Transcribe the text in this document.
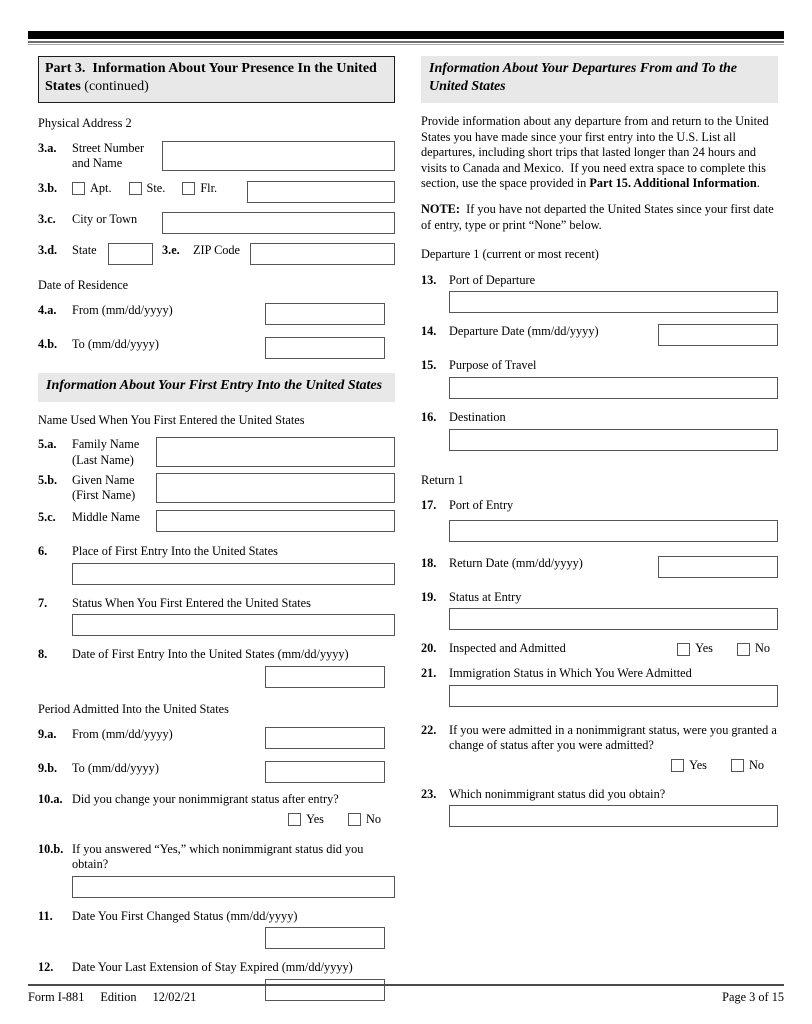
Part 3.  Information About Your Presence In the United States (continued)
Physical Address 2
3.a.	Street Number and Name
3.b.	Apt.	Ste.	Flr.
3.c.	City or Town
3.d.	State	3.e.	ZIP Code
Date of Residence
4.a.	From (mm/dd/yyyy)
4.b.	To (mm/dd/yyyy)
Information About Your First Entry Into the United States
Name Used When You First Entered the United States
5.a.	Family Name (Last Name)
5.b.	Given Name (First Name)
5.c.	Middle Name
6.	Place of First Entry Into the United States
7.	Status When You First Entered the United States
8.	Date of First Entry Into the United States (mm/dd/yyyy)
Period Admitted Into the United States
9.a.	From (mm/dd/yyyy)
9.b.	To (mm/dd/yyyy)
10.a. Did you change your nonimmigrant status after entry?
Yes	No
10.b. If you answered “Yes,” which nonimmigrant status did you obtain?
11.	Date You First Changed Status (mm/dd/yyyy)
12.	Date Your Last Extension of Stay Expired (mm/dd/yyyy)
Information About Your Departures From and To the United States

Provide information about any departure from and return to the United States you have made since your first entry into the U.S. List all departures, including short trips that lasted longer than 24 hours and visits to Canada and Mexico.  If you need extra space to complete this section, use the space provided in Part 15. Additional Information.

NOTE:  If you have not departed the United States since your first date of entry, type or print “None” below.

Departure 1 (current or most recent)
13.	Port of Departure
14.	Departure Date (mm/dd/yyyy)
15.	Purpose of Travel
16.	Destination
Return 1
17.	Port of Entry
18.	Return Date (mm/dd/yyyy)
19.	Status at Entry
20.	Inspected and Admitted	Yes	No
21.	Immigration Status in Which You Were Admitted
22.	If you were admitted in a nonimmigrant status, were you granted a change of status after you were admitted?
Yes	No
23.	Which nonimmigrant status did you obtain?
Form I-881 Edition 12/02/21	Page 3 of 15
